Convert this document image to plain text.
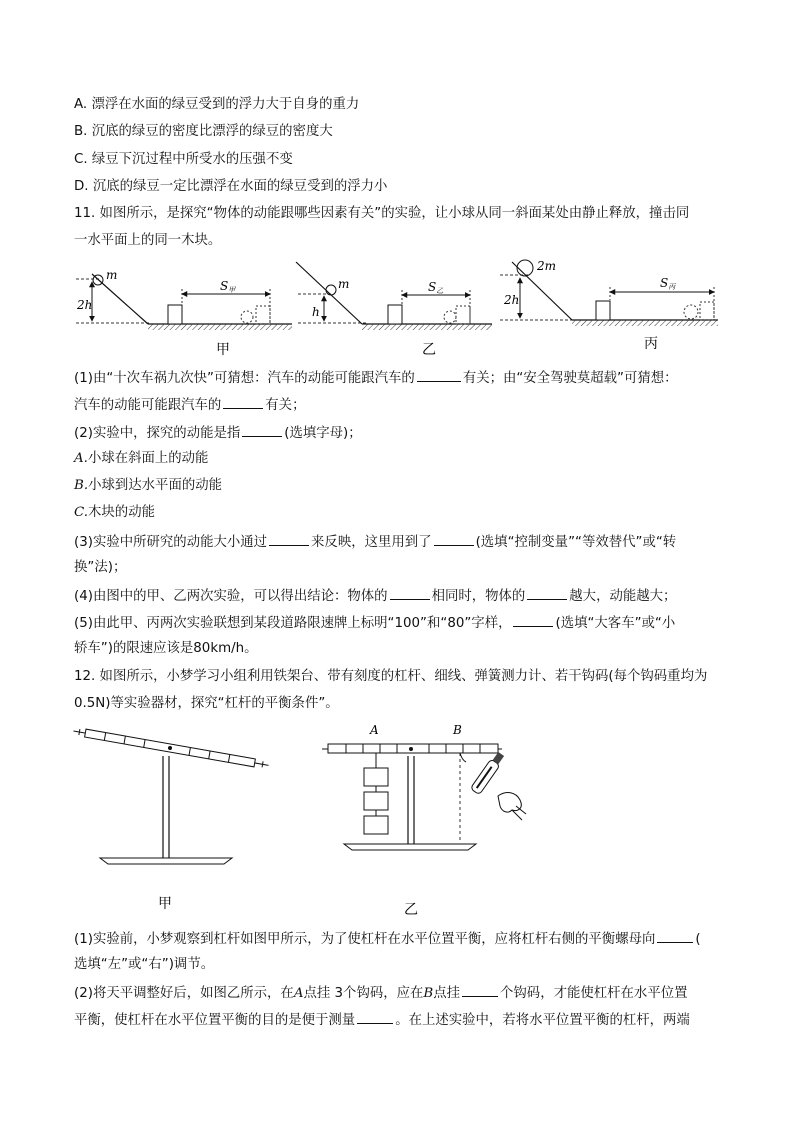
A. 漂浮在水面的绿豆受到的浮力大于自身的重力
B. 沉底的绿豆的密度比漂浮的绿豆的密度大
C. 绿豆下沉过程中所受水的压强不变
D. 沉底的绿豆一定比漂浮在水面的绿豆受到的浮力小
11. 如图所示，是探究“物体的动能跟哪些因素有关”的实验，让小球从同一斜面某处由静止释放，撞击同
一水平面上的同一木块。
2h
m
S甲
h
m	S乙
2h
2m
S丙
甲	乙	丙
(1)由“十次车祸九次快”可猜想：汽车的动能可能跟汽车的	有关；由“安全驾驶莫超载”可猜想：
汽车的动能可能跟汽车的	有关；
(2)实验中，探究的动能是指	(选填字母)；
A.小球在斜面上的动能
B.小球到达水平面的动能
C.木块的动能
(3)实验中所研究的动能大小通过	来反映，这里用到了	(选填“控制变量”“等效替代”或“转
换”法)；
(4)由图中的甲、乙两次实验，可以得出结论：物体的	相同时，物体的	越大，动能越大；
(5)由此甲、丙两次实验联想到某段道路限速牌上标明“100”和“80”字样，	(选填“大客车”或“小
轿车”)的限速应该是80km/h。
12. 如图所示，小梦学习小组利用铁架台、带有刻度的杠杆、细线、弹簧测力计、若干钩码(每个钩码重均为
0.5N)等实验器材，探究“杠杆的平衡条件”。
A	B
甲	乙
(1)实验前，小梦观察到杠杆如图甲所示，为了使杠杆在水平位置平衡，应将杠杆右侧的平衡螺母向	(
选填“左”或“右”)调节。
(2)将天平调整好后，如图乙所示，在A点挂 3个钩码，应在B点挂	个钩码，才能使杠杆在水平位置
平衡，使杠杆在水平位置平衡的目的是便于测量	。在上述实验中，若将水平位置平衡的杠杆，两端
